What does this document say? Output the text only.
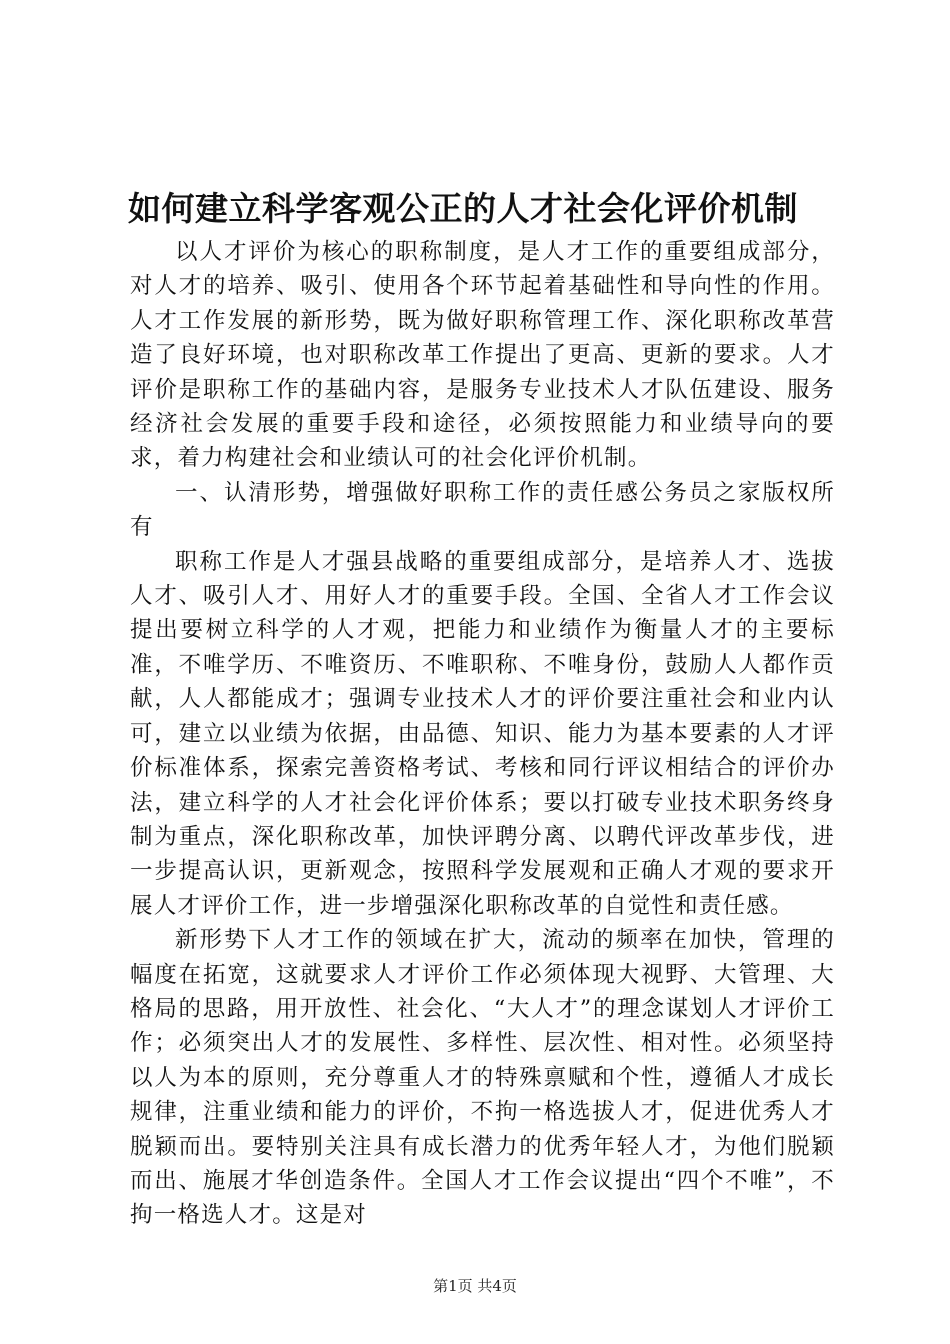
如何建立科学客观公正的人才社会化评价机制

以人才评价为核心的职称制度，是人才工作的重要组成部分，对人才的培养、吸引、使用各个环节起着基础性和导向性的作用。人才工作发展的新形势，既为做好职称管理工作、深化职称改革营造了良好环境，也对职称改革工作提出了更高、更新的要求。人才评价是职称工作的基础内容，是服务专业技术人才队伍建设、服务经济社会发展的重要手段和途径，必须按照能力和业绩导向的要求，着力构建社会和业绩认可的社会化评价机制。

一、认清形势，增强做好职称工作的责任感公务员之家版权所有

职称工作是人才强县战略的重要组成部分，是培养人才、选拔人才、吸引人才、用好人才的重要手段。全国、全省人才工作会议提出要树立科学的人才观，把能力和业绩作为衡量人才的主要标准，不唯学历、不唯资历、不唯职称、不唯身份，鼓励人人都作贡献，人人都能成才；强调专业技术人才的评价要注重社会和业内认可，建立以业绩为依据，由品德、知识、能力为基本要素的人才评价标准体系，探索完善资格考试、考核和同行评议相结合的评价办法，建立科学的人才社会化评价体系；要以打破专业技术职务终身制为重点，深化职称改革，加快评聘分离、以聘代评改革步伐，进一步提高认识，更新观念，按照科学发展观和正确人才观的要求开展人才评价工作，进一步增强深化职称改革的自觉性和责任感。

新形势下人才工作的领域在扩大，流动的频率在加快，管理的幅度在拓宽，这就要求人才评价工作必须体现大视野、大管理、大格局的思路，用开放性、社会化、“大人才”的理念谋划人才评价工作；必须突出人才的发展性、多样性、层次性、相对性。必须坚持以人为本的原则，充分尊重人才的特殊禀赋和个性，遵循人才成长规律，注重业绩和能力的评价，不拘一格选拔人才，促进优秀人才脱颖而出。要特别关注具有成长潜力的优秀年轻人才，为他们脱颖而出、施展才华创造条件。全国人才工作会议提出“四个不唯”，不拘一格选人才。这是对

第1页 共4页
